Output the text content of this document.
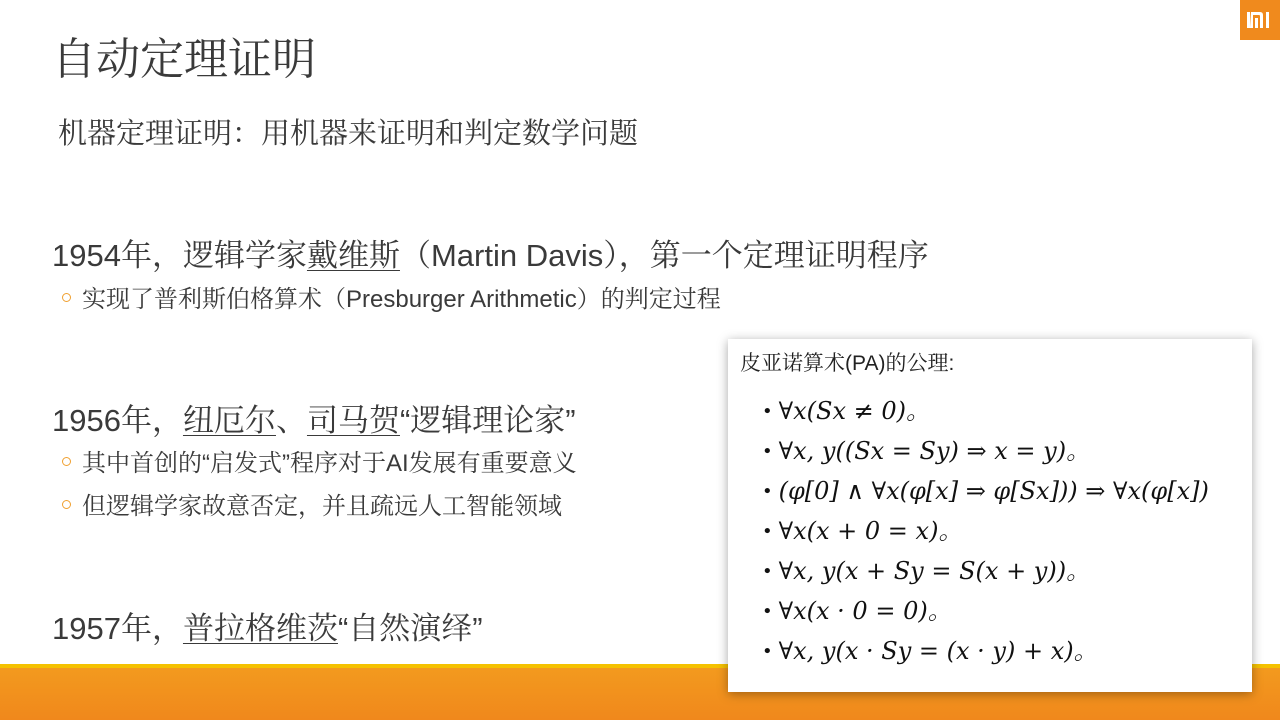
自动定理证明
机器定理证明：用机器来证明和判定数学问题
1954年，逻辑学家戴维斯（Martin Davis），第一个定理证明程序
实现了普利斯伯格算术（Presburger Arithmetic）的判定过程
1956年，纽厄尔、司马贺“逻辑理论家”
其中首创的“启发式”程序对于AI发展有重要意义
但逻辑学家故意否定，并且疏远人工智能领域
1957年，普拉格维茨“自然演绎”
皮亚诺算术(PA)的公理:
• ∀x(Sx ≠ 0)。
• ∀x, y((Sx = Sy) ⇒ x = y)。
• (φ[0] ∧ ∀x(φ[x] ⇒ φ[Sx])) ⇒ ∀x(φ[x])
• ∀x(x + 0 = x)。
• ∀x, y(x + Sy = S(x + y))。
• ∀x(x · 0 = 0)。
• ∀x, y(x · Sy = (x · y) + x)。
